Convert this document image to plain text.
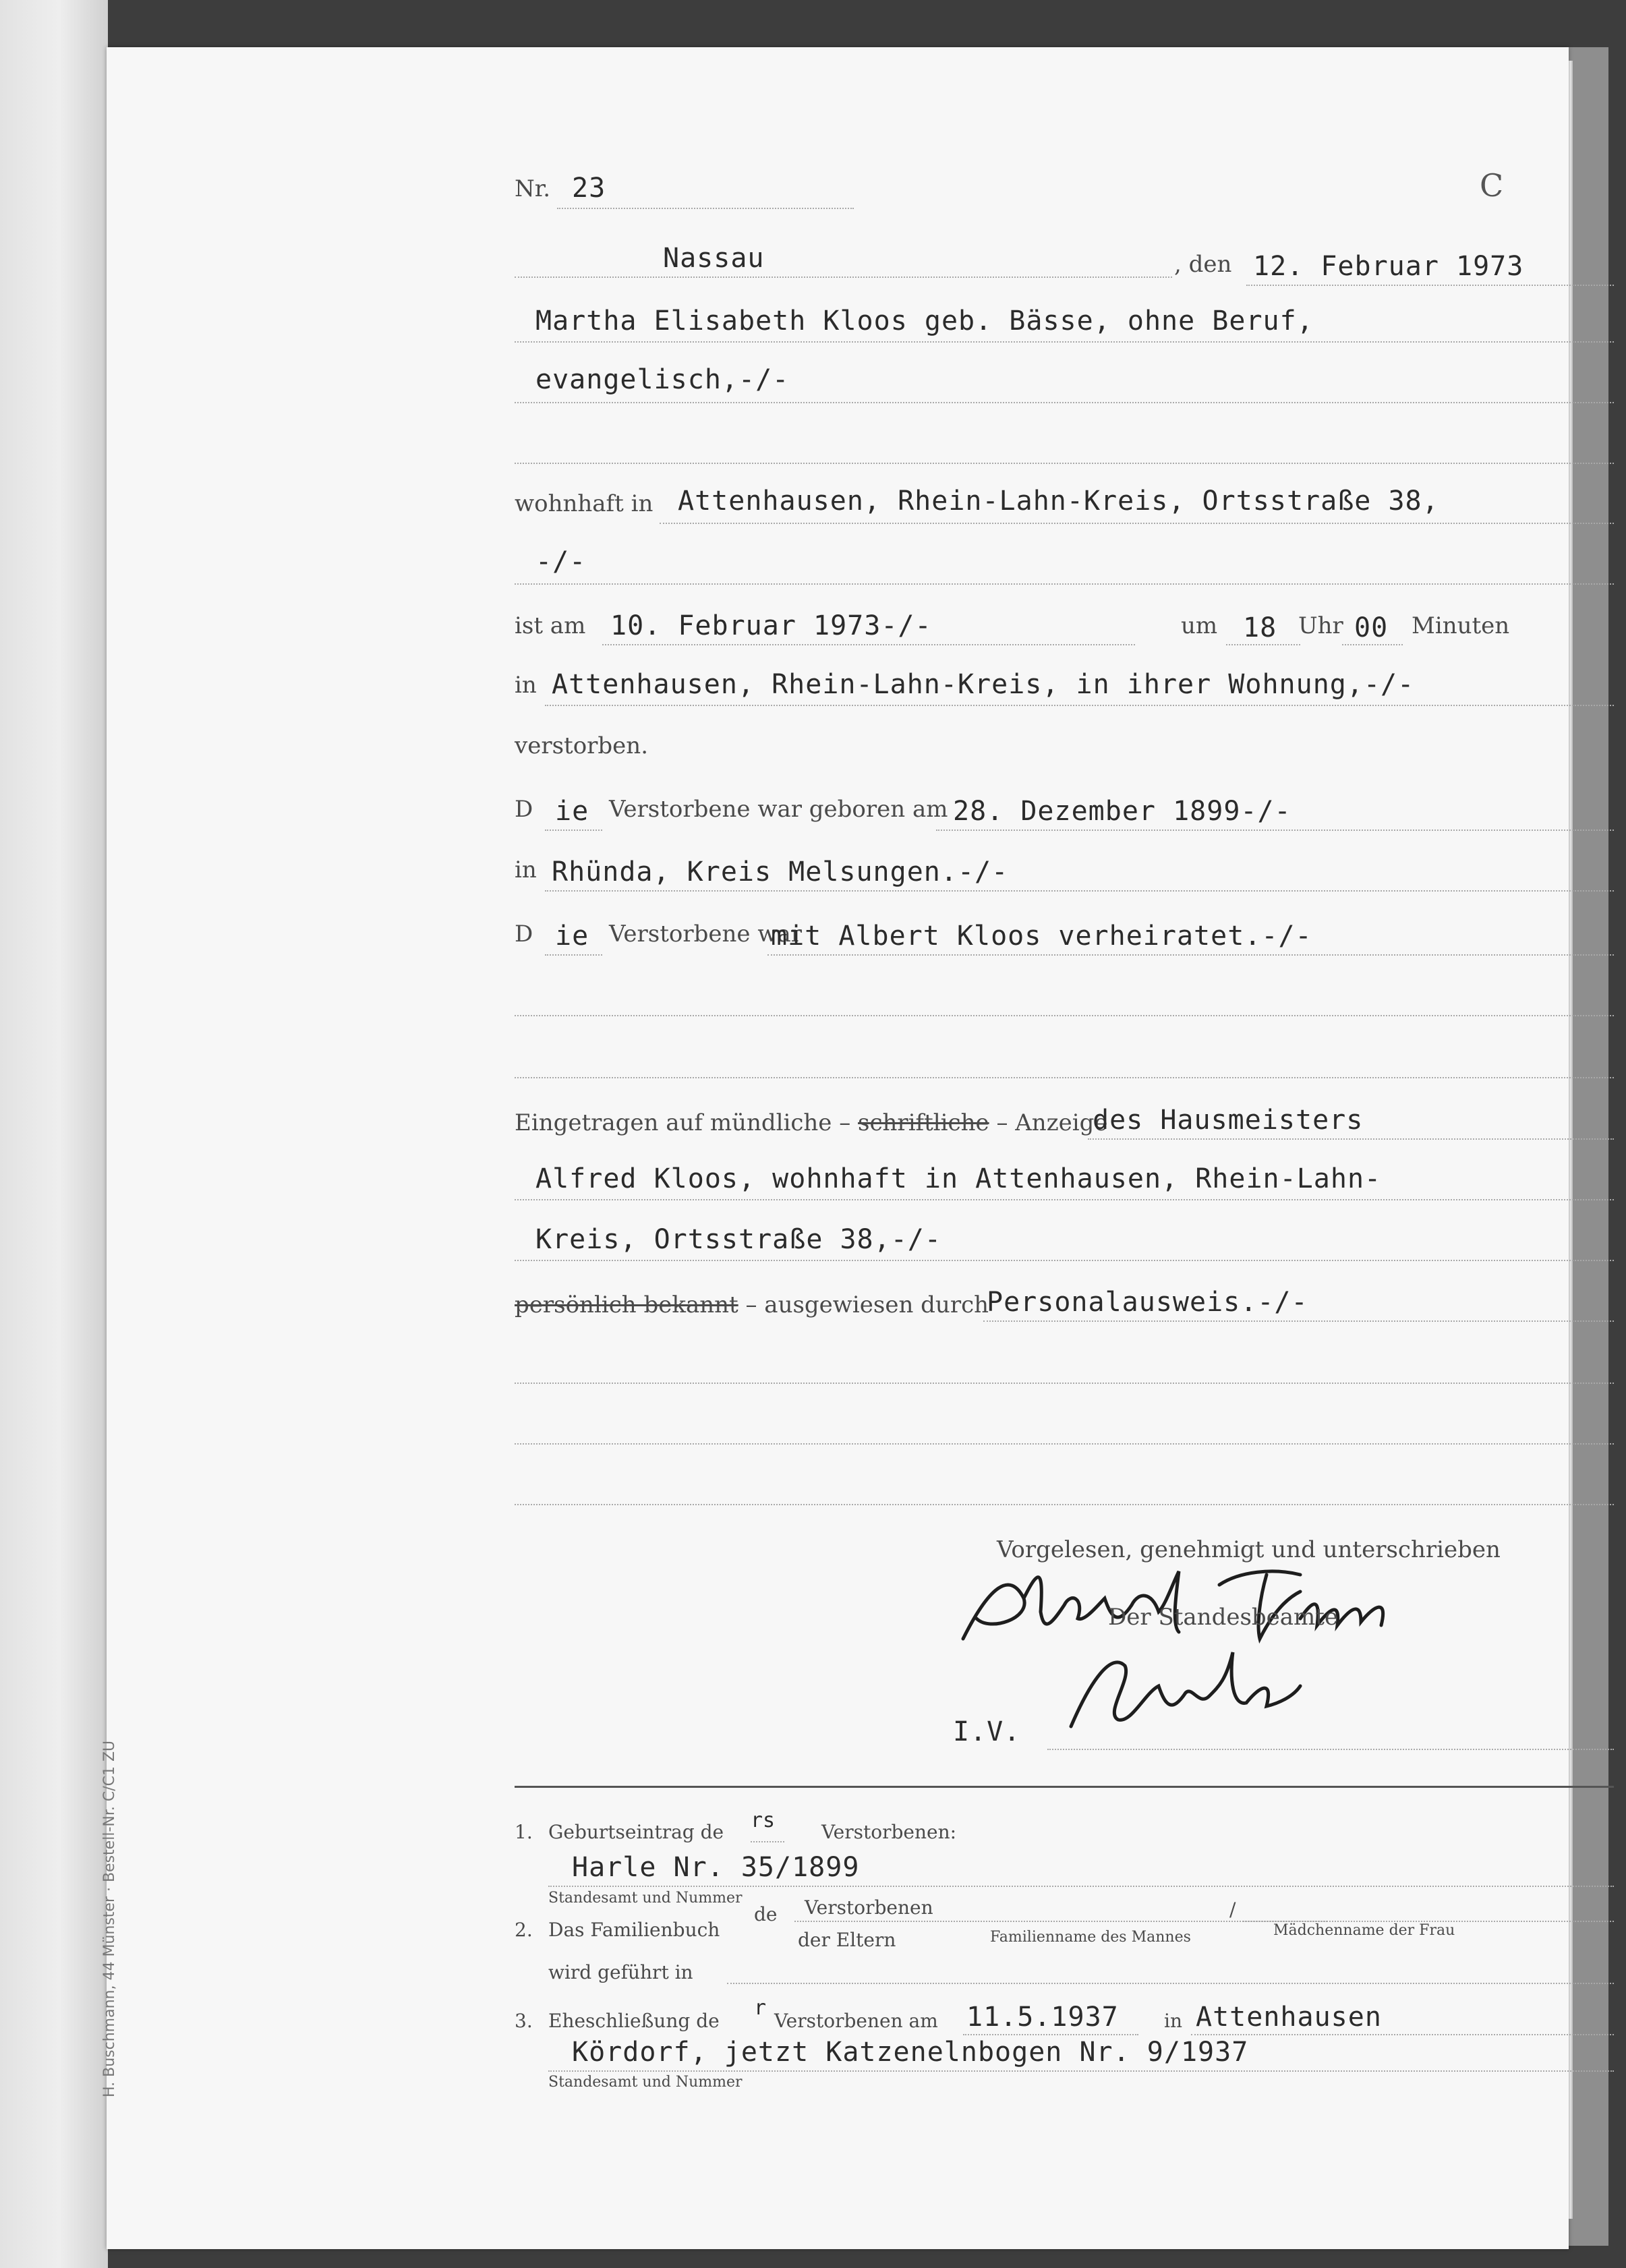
H. Buschmann, 44 Münster · Bestell-Nr. C/C1 ZU
Nr. 23	C
Nassau	, den 12. Februar 1973
Martha Elisabeth Kloos geb. Bässe, ohne Beruf,
evangelisch,-/-
wohnhaft in Attenhausen, Rhein-Lahn-Kreis, Ortsstraße 38,
-/-
ist am 10. Februar 1973-/-	um 18 Uhr 00 Minuten
in Attenhausen, Rhein-Lahn-Kreis, in ihrer Wohnung,-/-
verstorben.
D ie Verstorbene war geboren am 28. Dezember 1899-/-
in Rhünda, Kreis Melsungen.-/-
D ie Verstorbene war
mit Albert Kloos verheiratet.-/-
Eingetragen auf mündliche – schriftliche – Anzeige
des Hausmeisters
Alfred Kloos, wohnhaft in Attenhausen, Rhein-Lahn-
Kreis, Ortsstraße 38,-/-
persönlich bekannt – ausgewiesen durch
Personalausweis.-/-
Vorgelesen, genehmigt und unterschrieben
Der Standesbeamte
I.V.
1. Geburtseintrag de rs Verstorbenen:
Harle Nr. 35/1899
Standesamt und Nummer
2. Das Familienbuch
de Verstorbenen	/
der Eltern	Familienname des Mannes	Mädchenname der Frau
wird geführt in
3. Eheschließung de
r
Verstorbenen am 11.5.1937 in Attenhausen
Kördorf, jetzt Katzenelnbogen Nr. 9/1937
Standesamt und Nummer
